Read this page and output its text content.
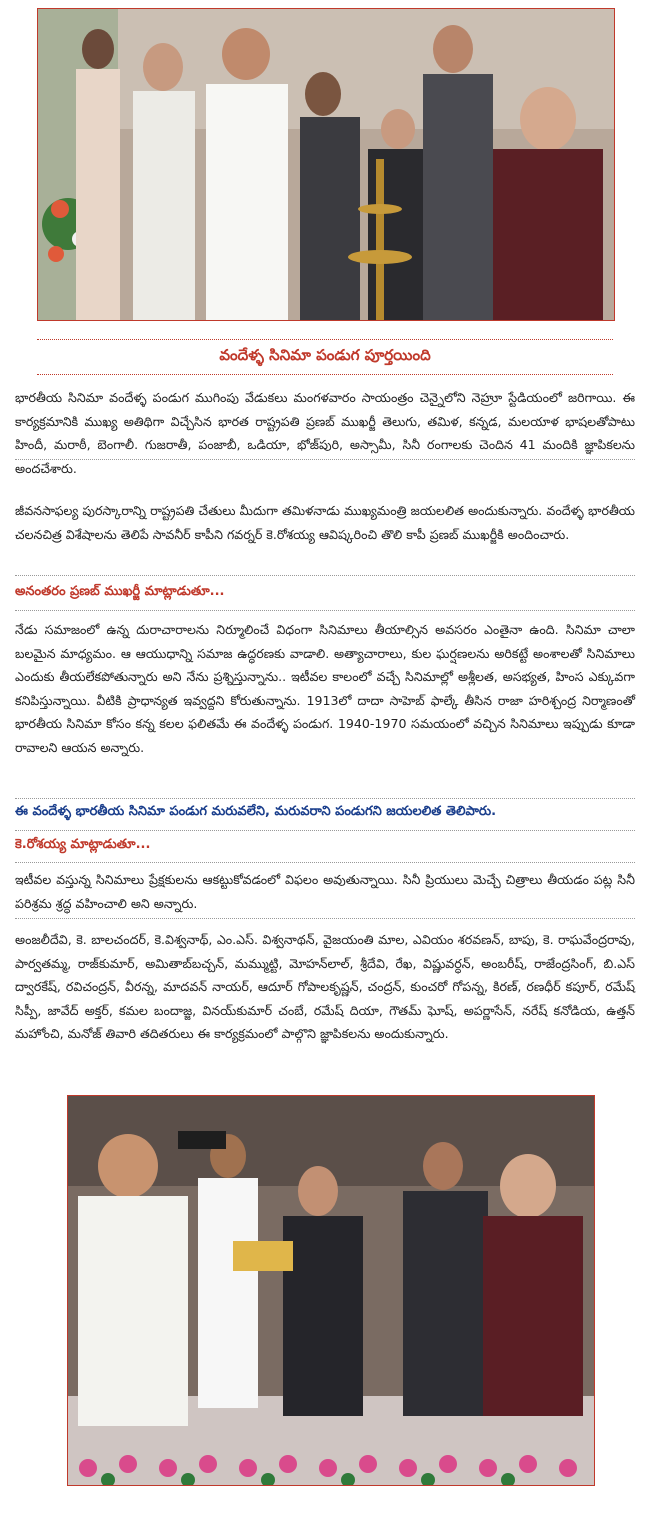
వందేళ్ళ సినిమా పండుగ పూర్తయింది

భారతీయ సినిమా వందేళ్ళ పండుగ ముగింపు వేడుకలు మంగళవారం సాయంత్రం చెన్నైలోని నెహ్రూ స్టేడియంలో జరిగాయి. ఈ కార్యక్రమానికి ముఖ్య అతిథిగా విచ్చేసిన భారత రాష్ట్రపతి ప్రణబ్ ముఖర్జీ తెలుగు, తమిళ, కన్నడ, మలయాళ భాషలతోపాటు హిందీ, మరాఠీ, బెంగాలీ. గుజరాతీ, పంజాబీ, ఒడియా, భోజ్‌పురి, అస్సామీ, సినీ రంగాలకు చెందిన 41 మందికి జ్ఞాపికలను అందచేశారు.

జీవనసాఫల్య పురస్కారాన్ని రాష్ట్రపతి చేతులు మీదుగా తమిళనాడు ముఖ్యమంత్రి జయలలిత అందుకున్నారు. వందేళ్ళ భారతీయ చలనచిత్ర విశేషాలను తెలిపే సావనీర్ కాపీని గవర్నర్ కె.రోశయ్య ఆవిష్కరించి తొలి కాపీ ప్రణబ్ ముఖర్జీకి అందించారు.

అనంతరం ప్రణబ్ ముఖర్జీ మాట్లాడుతూ...

నేడు సమాజంలో ఉన్న దురాచారాలను నిర్మూలించే విధంగా సినిమాలు తీయాల్సిన అవసరం ఎంతైనా ఉంది. సినిమా చాలా బలమైన మాధ్యమం. ఆ ఆయుధాన్ని సమాజ ఉద్ధరణకు వాడాలి. అత్యాచారాలు, కుల ఘర్షణలను అరికట్టే అంశాలతో సినిమాలు ఎందుకు తీయలేకపోతున్నారు అని నేను ప్రశ్నిస్తున్నాను.. ఇటీవల కాలంలో వచ్చే సినిమాల్లో అశ్లీలత, అసభ్యత, హింస ఎక్కువగా కనిపిస్తున్నాయి. వీటికి ప్రాధాన్యత ఇవ్వద్దని కోరుతున్నాను. 1913లో దాదా సాహెబ్ ఫాల్కే తీసిన రాజా హరిశ్చంద్ర నిర్మాణంతో భారతీయ సినిమా కోసం కన్న కలల ఫలితమే ఈ వందేళ్ళ పండుగ. 1940-1970 సమయంలో వచ్చిన సినిమాలు ఇప్పుడు కూడా రావాలని ఆయన అన్నారు.

ఈ వందేళ్ళ భారతీయ సినిమా పండుగ మరువలేని, మరువరాని పండుగని జయలలిత తెలిపారు.

కె.రోశయ్య మాట్లాడుతూ...

ఇటీవల వస్తున్న సినిమాలు ప్రేక్షకులను ఆకట్టుకోవడంలో విఫలం అవుతున్నాయి. సినీ ప్రియులు మెచ్చే చిత్రాలు తీయడం పట్ల సినీ పరిశ్రమ శ్రద్ధ వహించాలి అని అన్నారు.

అంజలీదేవి, కె. బాలచందర్, కె.విశ్వనాథ్, ఎం.ఎస్. విశ్వనాథన్, వైజయంతి మాల, ఎవియం శరవణన్, బాపు, కె. రాఘవేంద్రరావు, పార్వతమ్మ, రాజ్‌కుమార్, అమితాబ్‌బచ్చన్, మమ్ముట్టి, మోహన్‌లాల్, శ్రీదేవి, రేఖ, విష్ణువర్ధన్, అంబరీష్, రాజేంద్రసింగ్, బి.ఎస్ ద్వారకేష్, రవిచంద్రన్, వీరన్న, మాదవన్ నాయర్, ఆదూర్ గోపాలకృష్ణన్, చంద్రన్, కుంచరో గోపన్న, కిరణ్, రణధీర్ కపూర్, రమేష్ సిప్పీ, జావేద్ అక్తర్, కమల బందాజ్జ, వినయ్‌కుమార్ చంబే, రమేష్ దియా, గౌతమ్ ఘోష్, అపర్ణాసేన్, నరేష్ కనోడియ, ఉత్తన్ మహోంచి, మనోజ్ తివారి తదితరులు ఈ కార్యక్రమంలో పాల్గొని జ్ఞాపికలను అందుకున్నారు.
